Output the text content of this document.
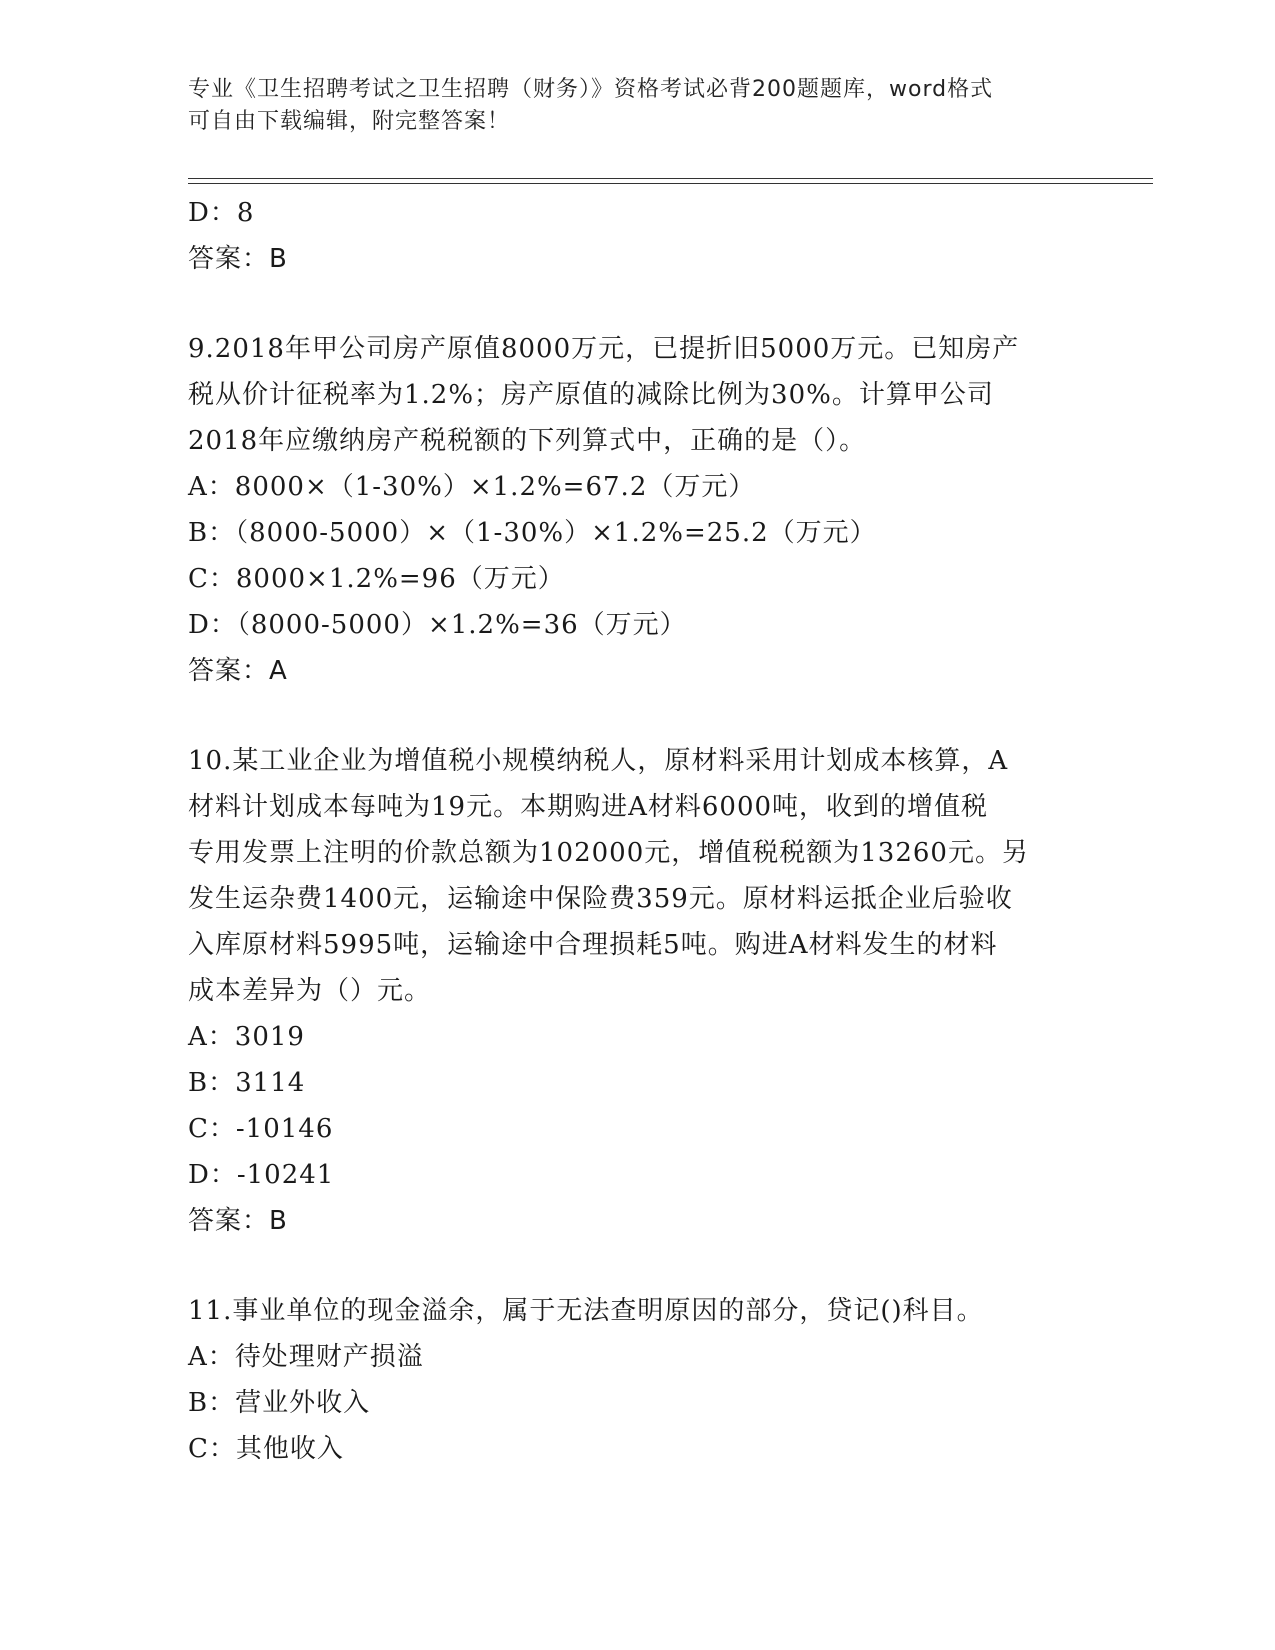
专业《卫生招聘考试之卫生招聘（财务）》资格考试必背200题题库，word格式
可自由下载编辑，附完整答案！
D：8
答案：B
9.2018年甲公司房产原值8000万元，已提折旧5000万元。已知房产
税从价计征税率为1.2%；房产原值的减除比例为30%。计算甲公司
2018年应缴纳房产税税额的下列算式中，正确的是（）。
A：8000×（1-30%）×1.2%=67.2（万元）
B：（8000-5000）×（1-30%）×1.2%=25.2（万元）
C：8000×1.2%=96（万元）
D：（8000-5000）×1.2%=36（万元）
答案：A
10.某工业企业为增值税小规模纳税人，原材料采用计划成本核算，A
材料计划成本每吨为19元。本期购进A材料6000吨，收到的增值税
专用发票上注明的价款总额为102000元，增值税税额为13260元。另
发生运杂费1400元，运输途中保险费359元。原材料运抵企业后验收
入库原材料5995吨，运输途中合理损耗5吨。购进A材料发生的材料
成本差异为（）元。
A：3019
B：3114
C：-10146
D：-10241
答案：B
11.事业单位的现金溢余，属于无法查明原因的部分，贷记()科目。
A：待处理财产损溢
B：营业外收入
C：其他收入
